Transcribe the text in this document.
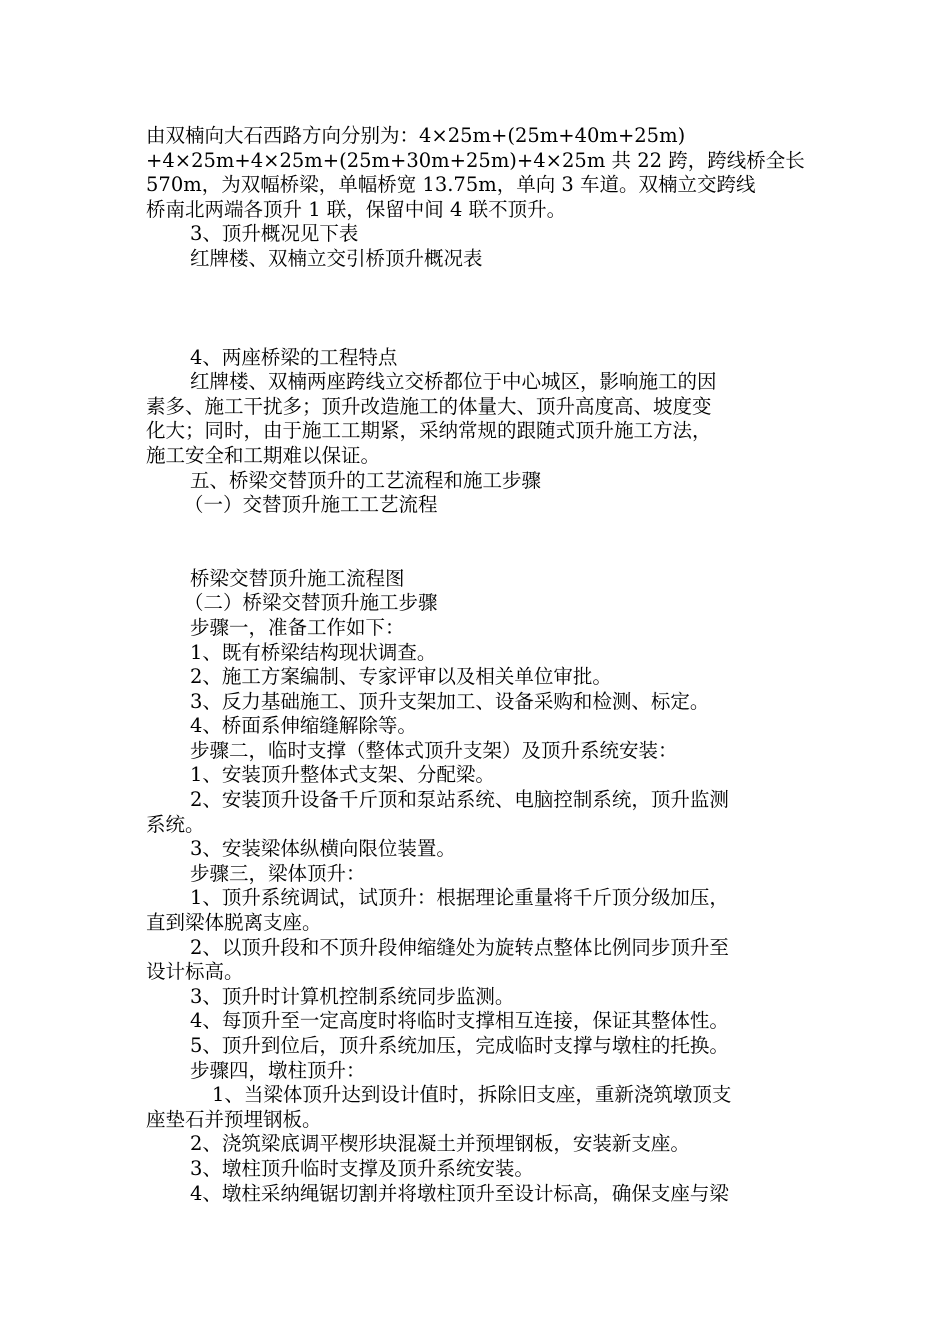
由双楠向大石西路方向分别为：4×25m+(25m+40m+25m)
+4×25m+4×25m+(25m+30m+25m)+4×25m 共 22 跨，跨线桥全长
570m，为双幅桥梁，单幅桥宽 13.75m，单向 3 车道。双楠立交跨线
桥南北两端各顶升 1 联，保留中间 4 联不顶升。
3、顶升概况见下表
红牌楼、双楠立交引桥顶升概况表
4、两座桥梁的工程特点
红牌楼、双楠两座跨线立交桥都位于中心城区，影响施工的因
素多、施工干扰多；顶升改造施工的体量大、顶升高度高、坡度变
化大；同时，由于施工工期紧，采纳常规的跟随式顶升施工方法，
施工安全和工期难以保证。
五、桥梁交替顶升的工艺流程和施工步骤
（一）交替顶升施工工艺流程
桥梁交替顶升施工流程图
（二）桥梁交替顶升施工步骤
步骤一，准备工作如下：
1、既有桥梁结构现状调查。
2、施工方案编制、专家评审以及相关单位审批。
3、反力基础施工、顶升支架加工、设备采购和检测、标定。
4、桥面系伸缩缝解除等。
步骤二，临时支撑（整体式顶升支架）及顶升系统安装：
1、安装顶升整体式支架、分配梁。
2、安装顶升设备千斤顶和泵站系统、电脑控制系统，顶升监测
系统。
3、安装梁体纵横向限位装置。
步骤三，梁体顶升：
1、顶升系统调试，试顶升：根据理论重量将千斤顶分级加压，
直到梁体脱离支座。
2、以顶升段和不顶升段伸缩缝处为旋转点整体比例同步顶升至
设计标高。
3、顶升时计算机控制系统同步监测。
4、每顶升至一定高度时将临时支撑相互连接，保证其整体性。
5、顶升到位后，顶升系统加压，完成临时支撑与墩柱的托换。
步骤四，墩柱顶升：
1、当梁体顶升达到设计值时，拆除旧支座，重新浇筑墩顶支
座垫石并预埋钢板。
2、浇筑梁底调平楔形块混凝土并预埋钢板，安装新支座。
3、墩柱顶升临时支撑及顶升系统安装。
4、墩柱采纳绳锯切割并将墩柱顶升至设计标高，确保支座与梁
